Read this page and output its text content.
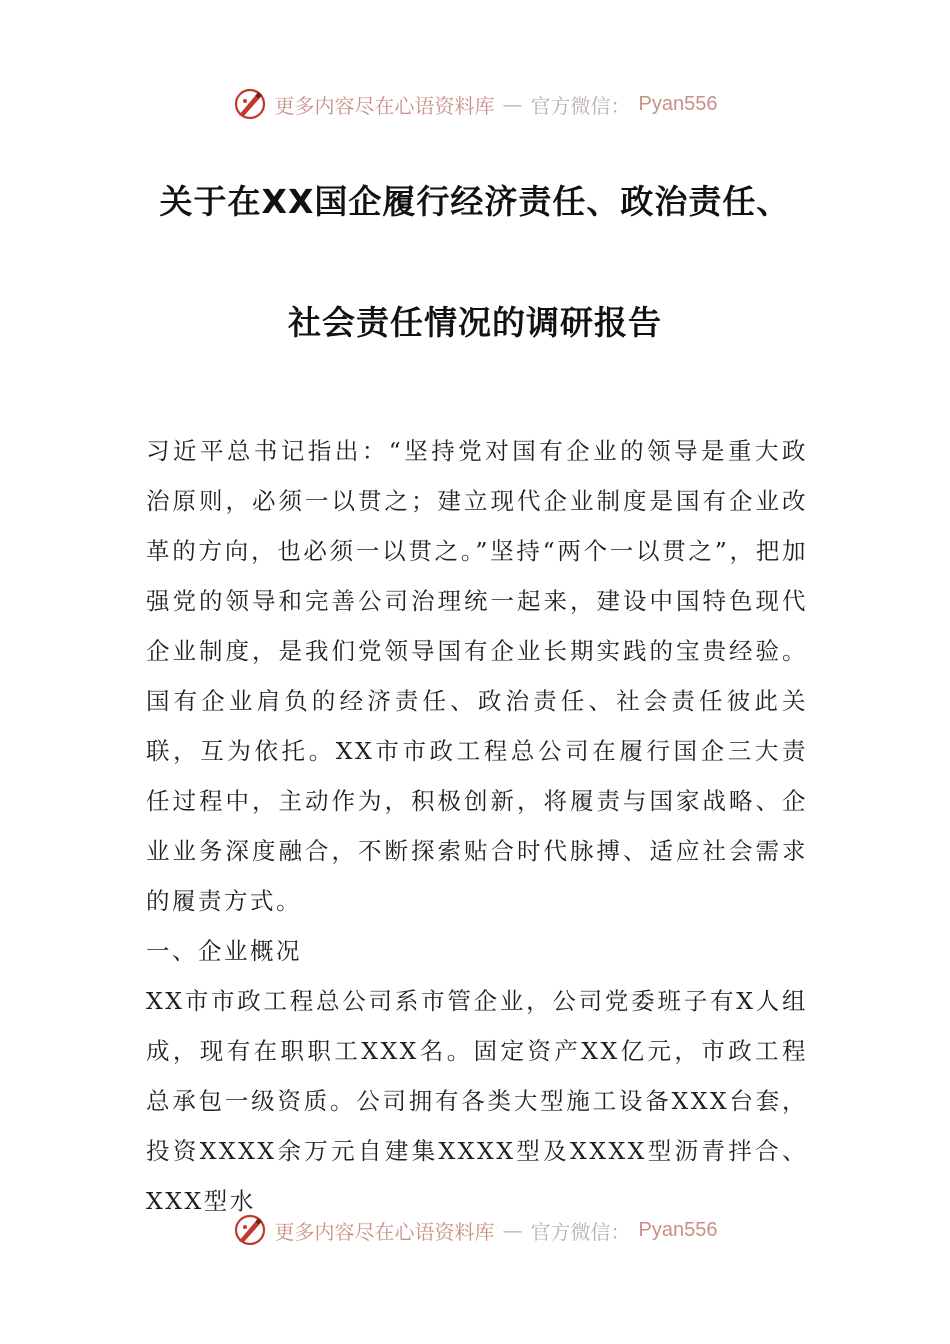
更多内容尽在心语资料库 — 官方微信： Pyan556
关于在XX国企履行经济责任、政治责任、
社会责任情况的调研报告

习近平总书记指出：“坚持党对国有企业的领导是重大政治原则，必须一以贯之；建立现代企业制度是国有企业改革的方向，也必须一以贯之。”坚持“两个一以贯之”，把加强党的领导和完善公司治理统一起来，建设中国特色现代企业制度，是我们党领导国有企业长期实践的宝贵经验。国有企业肩负的经济责任、政治责任、社会责任彼此关联，互为依托。XX市市政工程总公司在履行国企三大责任过程中，主动作为，积极创新，将履责与国家战略、企业业务深度融合，不断探索贴合时代脉搏、适应社会需求的履责方式。

一、企业概况

XX市市政工程总公司系市管企业，公司党委班子有X人组成，现有在职职工XXX名。固定资产XX亿元，市政工程总承包一级资质。公司拥有各类大型施工设备XXX台套，投资XXXX余万元自建集XXXX型及XXXX型沥青拌合、XXX型水

更多内容尽在心语资料库 — 官方微信： Pyan556
